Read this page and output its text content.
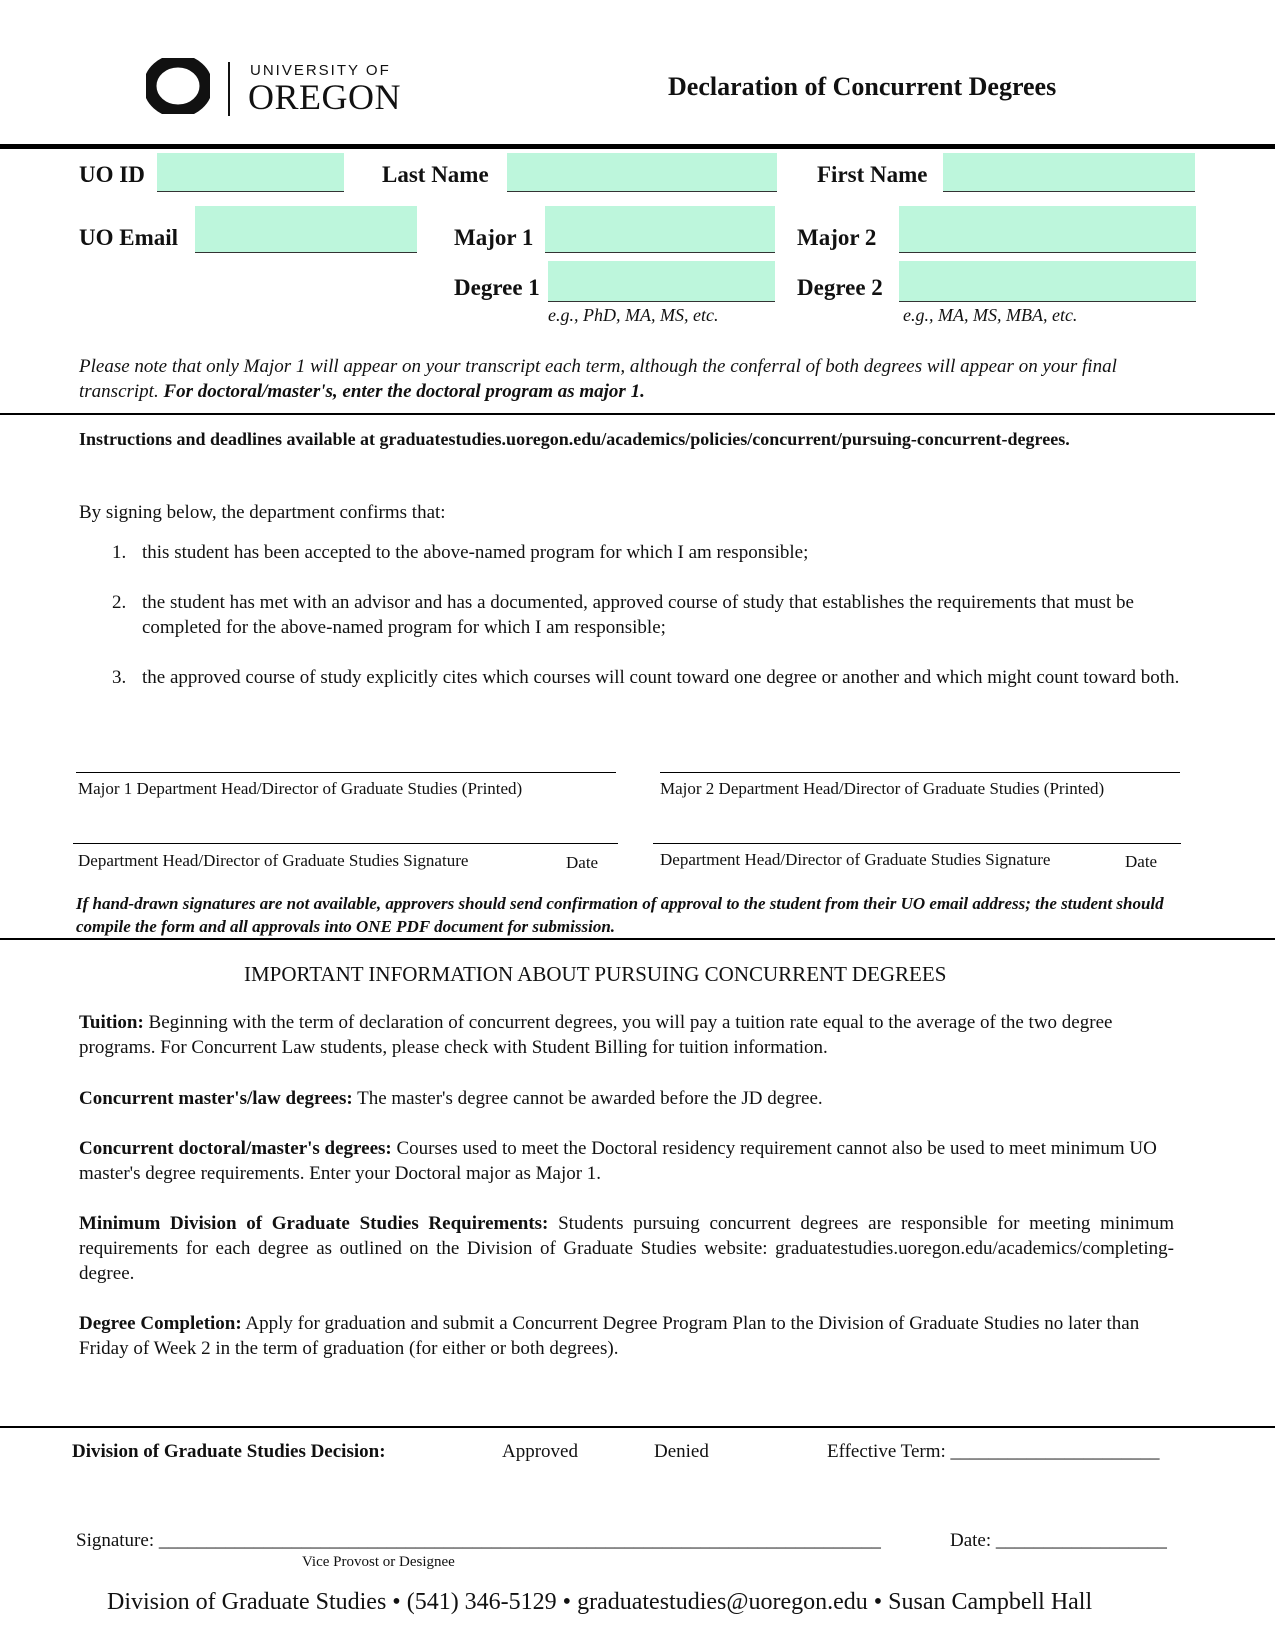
UNIVERSITY OF
OREGON	Declaration of Concurrent Degrees
UO ID	Last Name	First Name
UO Email	Major 1	Major 2
Degree 1	Degree 2
e.g., PhD, MA, MS, etc.	e.g., MA, MS, MBA, etc.
Please note that only Major 1 will appear on your transcript each term, although the conferral of both degrees will appear on your final transcript. For doctoral/master's, enter the doctoral program as major 1.
Instructions and deadlines available at graduatestudies.uoregon.edu/academics/policies/concurrent/pursuing-concurrent-degrees.
By signing below, the department confirms that:
1. this student has been accepted to the above-named program for which I am responsible;
2. the student has met with an advisor and has a documented, approved course of study that establishes the requirements that must be completed for the above-named program for which I am responsible;
3. the approved course of study explicitly cites which courses will count toward one degree or another and which might count toward both.
Major 1 Department Head/Director of Graduate Studies (Printed)	Major 2 Department Head/Director of Graduate Studies (Printed)
Department Head/Director of Graduate Studies Signature	Date	Department Head/Director of Graduate Studies Signature	Date
If hand-drawn signatures are not available, approvers should send confirmation of approval to the student from their UO email address; the student should compile the form and all approvals into ONE PDF document for submission.
IMPORTANT INFORMATION ABOUT PURSUING CONCURRENT DEGREES
Tuition: Beginning with the term of declaration of concurrent degrees, you will pay a tuition rate equal to the average of the two degree programs. For Concurrent Law students, please check with Student Billing for tuition information.
Concurrent master's/law degrees: The master's degree cannot be awarded before the JD degree.
Concurrent doctoral/master's degrees: Courses used to meet the Doctoral residency requirement cannot also be used to meet minimum UO master's degree requirements. Enter your Doctoral major as Major 1.
Minimum Division of Graduate Studies Requirements: Students pursuing concurrent degrees are responsible for meeting minimum requirements for each degree as outlined on the Division of Graduate Studies website: graduatestudies.uoregon.edu/academics/completing-degree.
Degree Completion: Apply for graduation and submit a Concurrent Degree Program Plan to the Division of Graduate Studies no later than Friday of Week 2 in the term of graduation (for either or both degrees).
Division of Graduate Studies Decision:	Approved	Denied	Effective Term: ______________________
Signature: ____________________________________________________________________________	Date: __________________
Vice Provost or Designee
Division of Graduate Studies • (541) 346-5129 • graduatestudies@uoregon.edu • Susan Campbell Hall
